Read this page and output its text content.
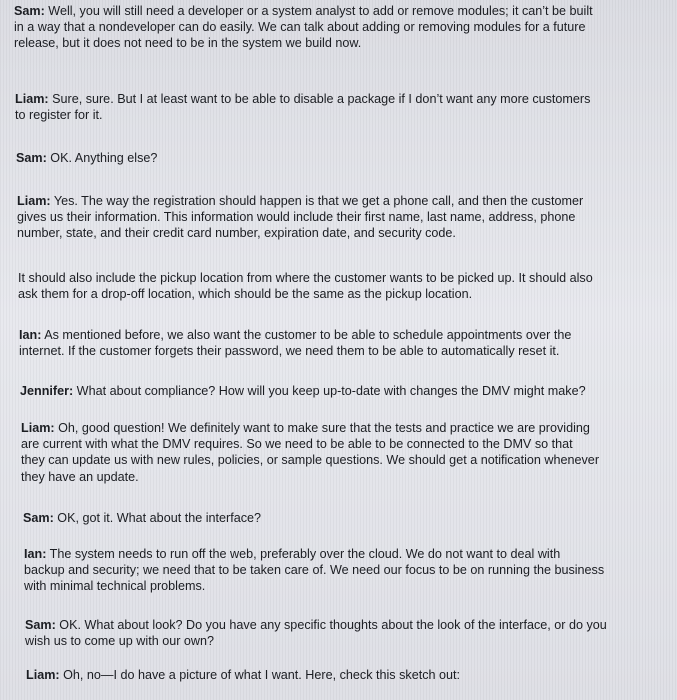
Sam: Well, you will still need a developer or a system analyst to add or remove modules; it can’t be built
in a way that a nondeveloper can do easily. We can talk about adding or removing modules for a future
release, but it does not need to be in the system we build now.

Liam: Sure, sure. But I at least want to be able to disable a package if I don’t want any more customers
to register for it.

Sam: OK. Anything else?

Liam: Yes. The way the registration should happen is that we get a phone call, and then the customer
gives us their information. This information would include their first name, last name, address, phone
number, state, and their credit card number, expiration date, and security code.

It should also include the pickup location from where the customer wants to be picked up. It should also
ask them for a drop-off location, which should be the same as the pickup location.

Ian: As mentioned before, we also want the customer to be able to schedule appointments over the
internet. If the customer forgets their password, we need them to be able to automatically reset it.

Jennifer: What about compliance? How will you keep up-to-date with changes the DMV might make?

Liam: Oh, good question! We definitely want to make sure that the tests and practice we are providing
are current with what the DMV requires. So we need to be able to be connected to the DMV so that
they can update us with new rules, policies, or sample questions. We should get a notification whenever
they have an update.

Sam: OK, got it. What about the interface?

Ian: The system needs to run off the web, preferably over the cloud. We do not want to deal with
backup and security; we need that to be taken care of. We need our focus to be on running the business
with minimal technical problems.

Sam: OK. What about look? Do you have any specific thoughts about the look of the interface, or do you
wish us to come up with our own?

Liam: Oh, no—I do have a picture of what I want. Here, check this sketch out:
